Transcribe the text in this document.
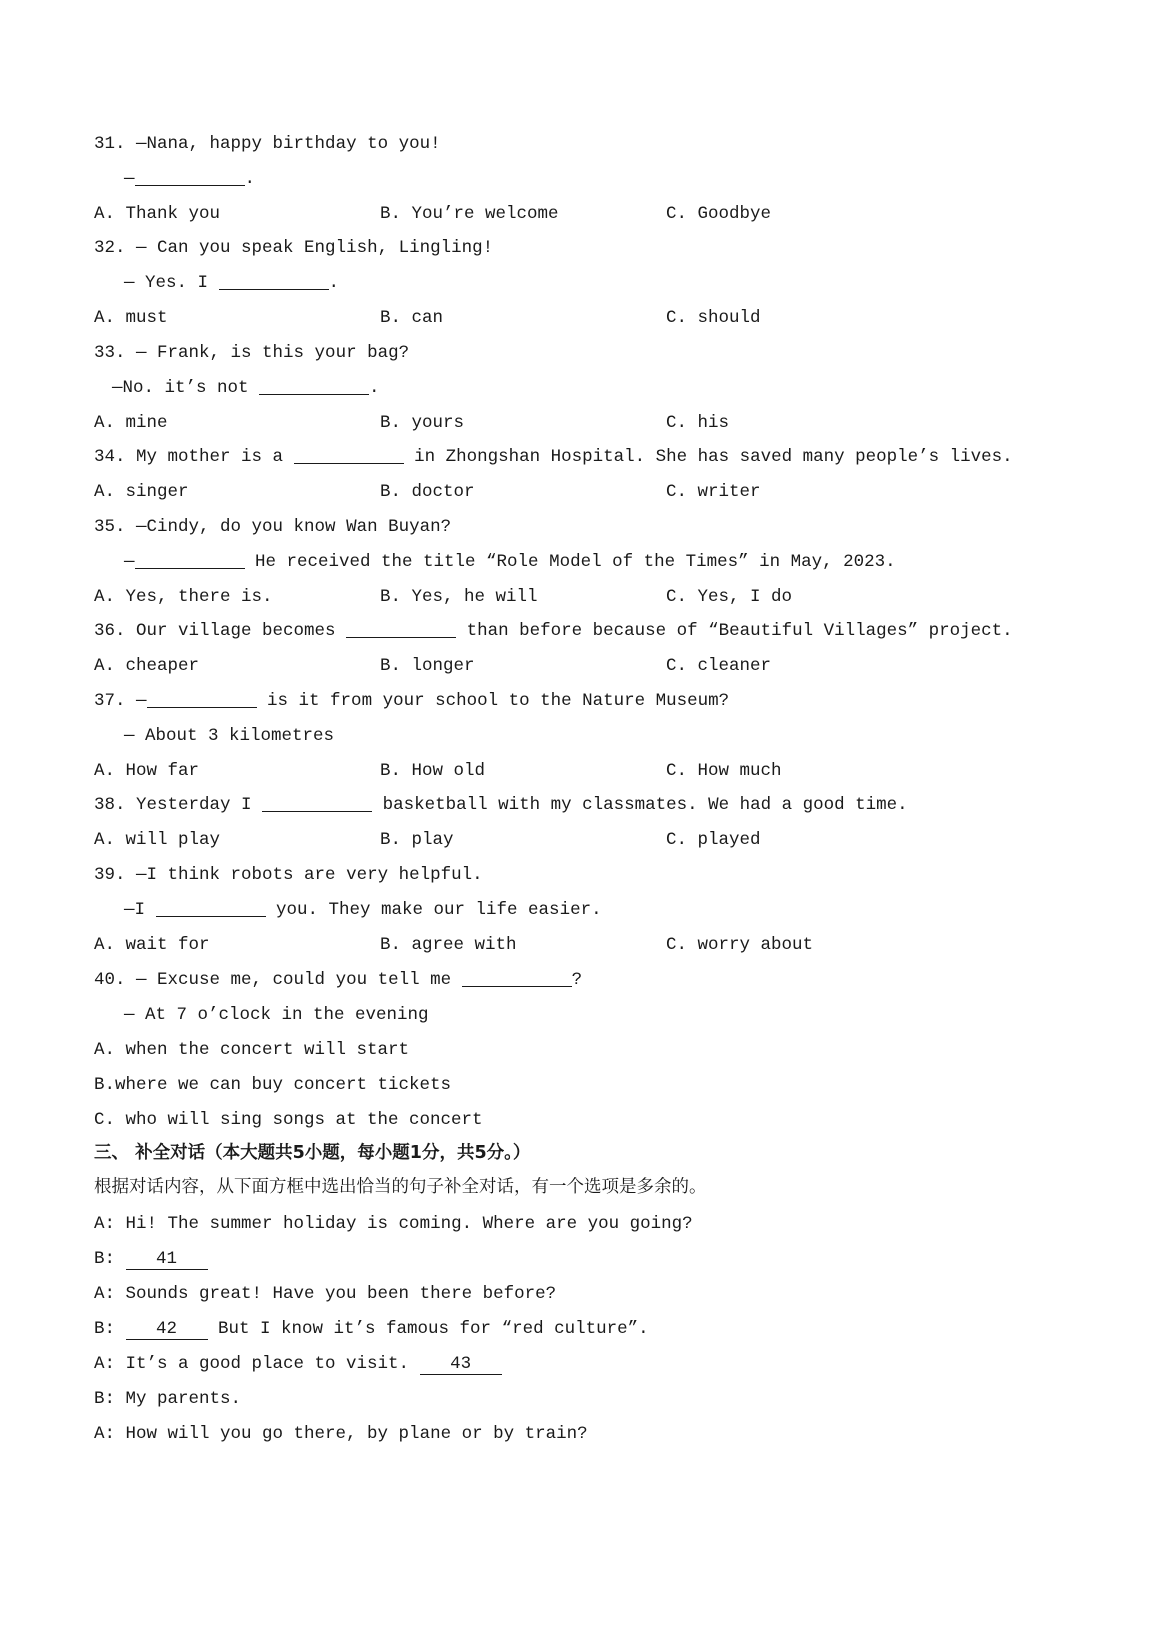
31. —Nana, happy birthday to you!
—	.

A. Thank you

	B. You’re welcome

	C. Goodbye

32. — Can you speak English, Lingling!
— Yes. I	.

A. must

	B. can

	C. should

33. — Frank, is this your bag?
—No. it’s not	.

A. mine

	B. yours

	C. his

34. My mother is a	in Zhongshan Hospital. She has saved many people’s lives.

A. singer

	B. doctor

	C. writer

35. —Cindy, do you know Wan Buyan?
—	He received the title “Role Model of the Times” in May, 2023.

A. Yes, there is.

	B. Yes, he will

	C. Yes, I do

36. Our village becomes	than before because of “Beautiful Villages” project.

A. cheaper

	B. longer

	C. cleaner

37. —	is it from your school to the Nature Museum?
— About 3 kilometres

A. How far

	B. How old

	C. How much

38. Yesterday I	basketball with my classmates. We had a good time.

A. will play

	B. play

	C. played

39. —I think robots are very helpful.
—I	you. They make our life easier.

A. wait for

	B. agree with

	C. worry about

40. — Excuse me, could you tell me	?
— At 7 o’clock in the evening
A. when the concert will start
B.where we can buy concert tickets
C. who will sing songs at the concert
三、 补全对话（本大题共5小题，每小题1分，共5分。）
根据对话内容，从下面方框中选出恰当的句子补全对话，有一个选项是多余的。
A: Hi! The summer holiday is coming. Where are you going?
B: 41
A: Sounds great! Have you been there before?
B: 42 But I know it’s famous for “red culture”.
A: It’s a good place to visit. 43
B: My parents.
A: How will you go there, by plane or by train?
